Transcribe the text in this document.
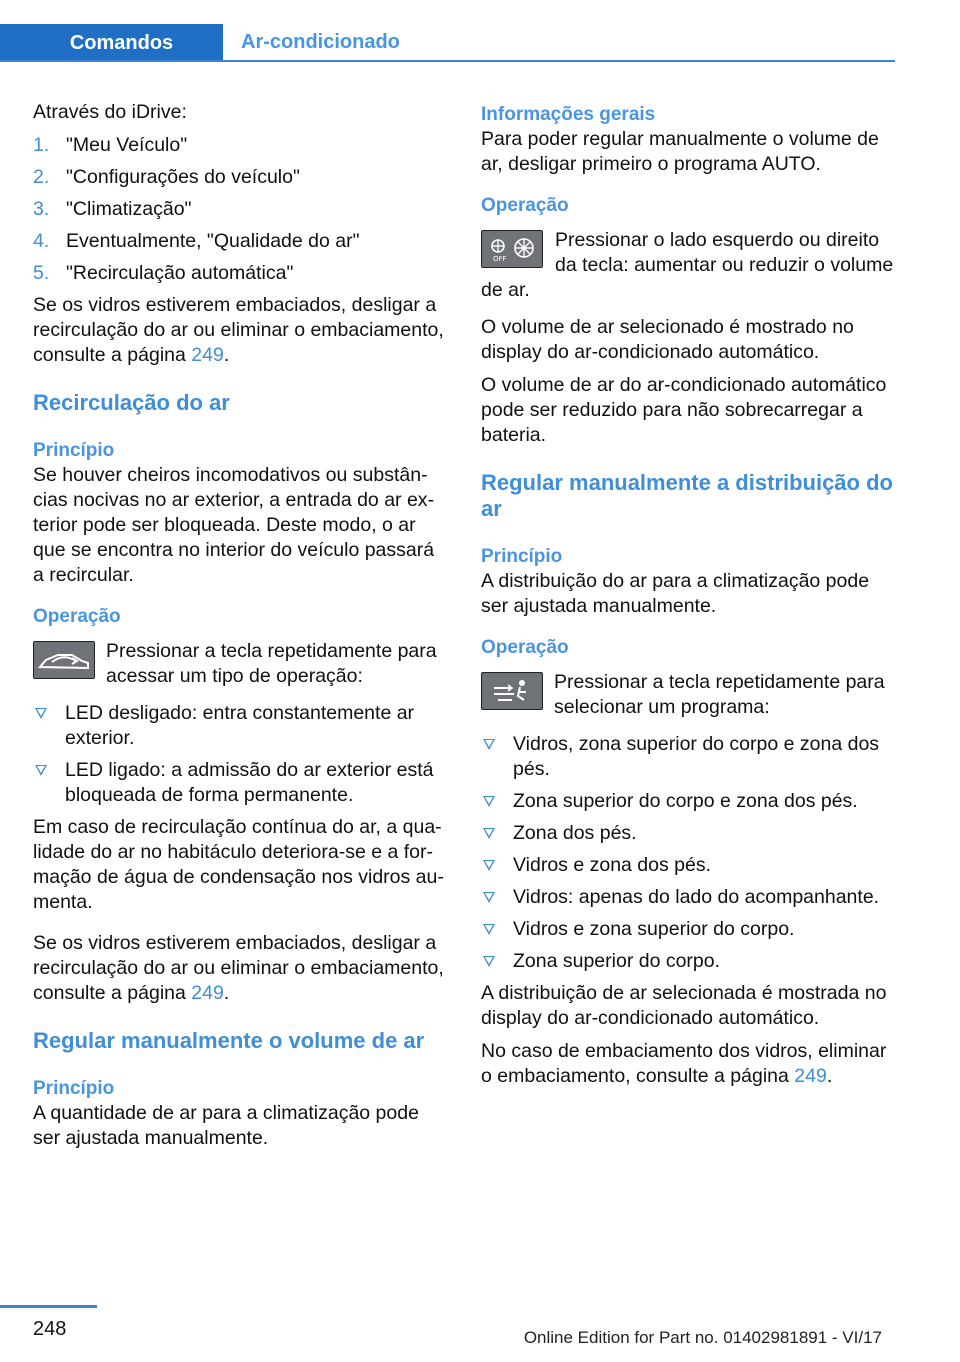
Comandos	Ar-condicionado

Através do iDrive:

1. "Meu Veículo"
2. "Configurações do veículo"
3. "Climatização"
4. Eventualmente, "Qualidade do ar"
5. "Recirculação automática"

Se os vidros estiverem embaciados, desligar a recirculação do ar ou eliminar o embaciamento, consulte a página 249.

Recirculação do ar
Princípio

Se houver cheiros incomodativos ou substâncias nocivas no ar exterior, a entrada do ar exterior pode ser bloqueada. Deste modo, o ar que se encontra no interior do veículo passará a recircular.

Operação
Pressionar a tecla repetidamente para acessar um tipo de operação:
LED desligado: entra constantemente ar exterior.
LED ligado: a admissão do ar exterior está bloqueada de forma permanente.

Em caso de recirculação contínua do ar, a qualidade do ar no habitáculo deteriora-se e a formação de água de condensação nos vidros aumenta.

Se os vidros estiverem embaciados, desligar a recirculação do ar ou eliminar o embaciamento, consulte a página 249.

Regular manualmente o volume de ar
Princípio

A quantidade de ar para a climatização pode ser ajustada manualmente.

Informações gerais

Para poder regular manualmente o volume de ar, desligar primeiro o programa AUTO.

Operação
OFF
Pressionar o lado esquerdo ou direito da tecla: aumentar ou reduzir o volume de ar.

O volume de ar selecionado é mostrado no display do ar-condicionado automático.

O volume de ar do ar-condicionado automático pode ser reduzido para não sobrecarregar a bateria.

Regular manualmente a distribuição do ar
Princípio

A distribuição do ar para a climatização pode ser ajustada manualmente.

Operação
Pressionar a tecla repetidamente para selecionar um programa:
Vidros, zona superior do corpo e zona dos pés.
Zona superior do corpo e zona dos pés.
Zona dos pés.
Vidros e zona dos pés.
Vidros: apenas do lado do acompanhante.
Vidros e zona superior do corpo.
Zona superior do corpo.

A distribuição de ar selecionada é mostrada no display do ar-condicionado automático.

No caso de embaciamento dos vidros, eliminar o embaciamento, consulte a página 249.

248	Online Edition for Part no. 01402981891 - VI/17
